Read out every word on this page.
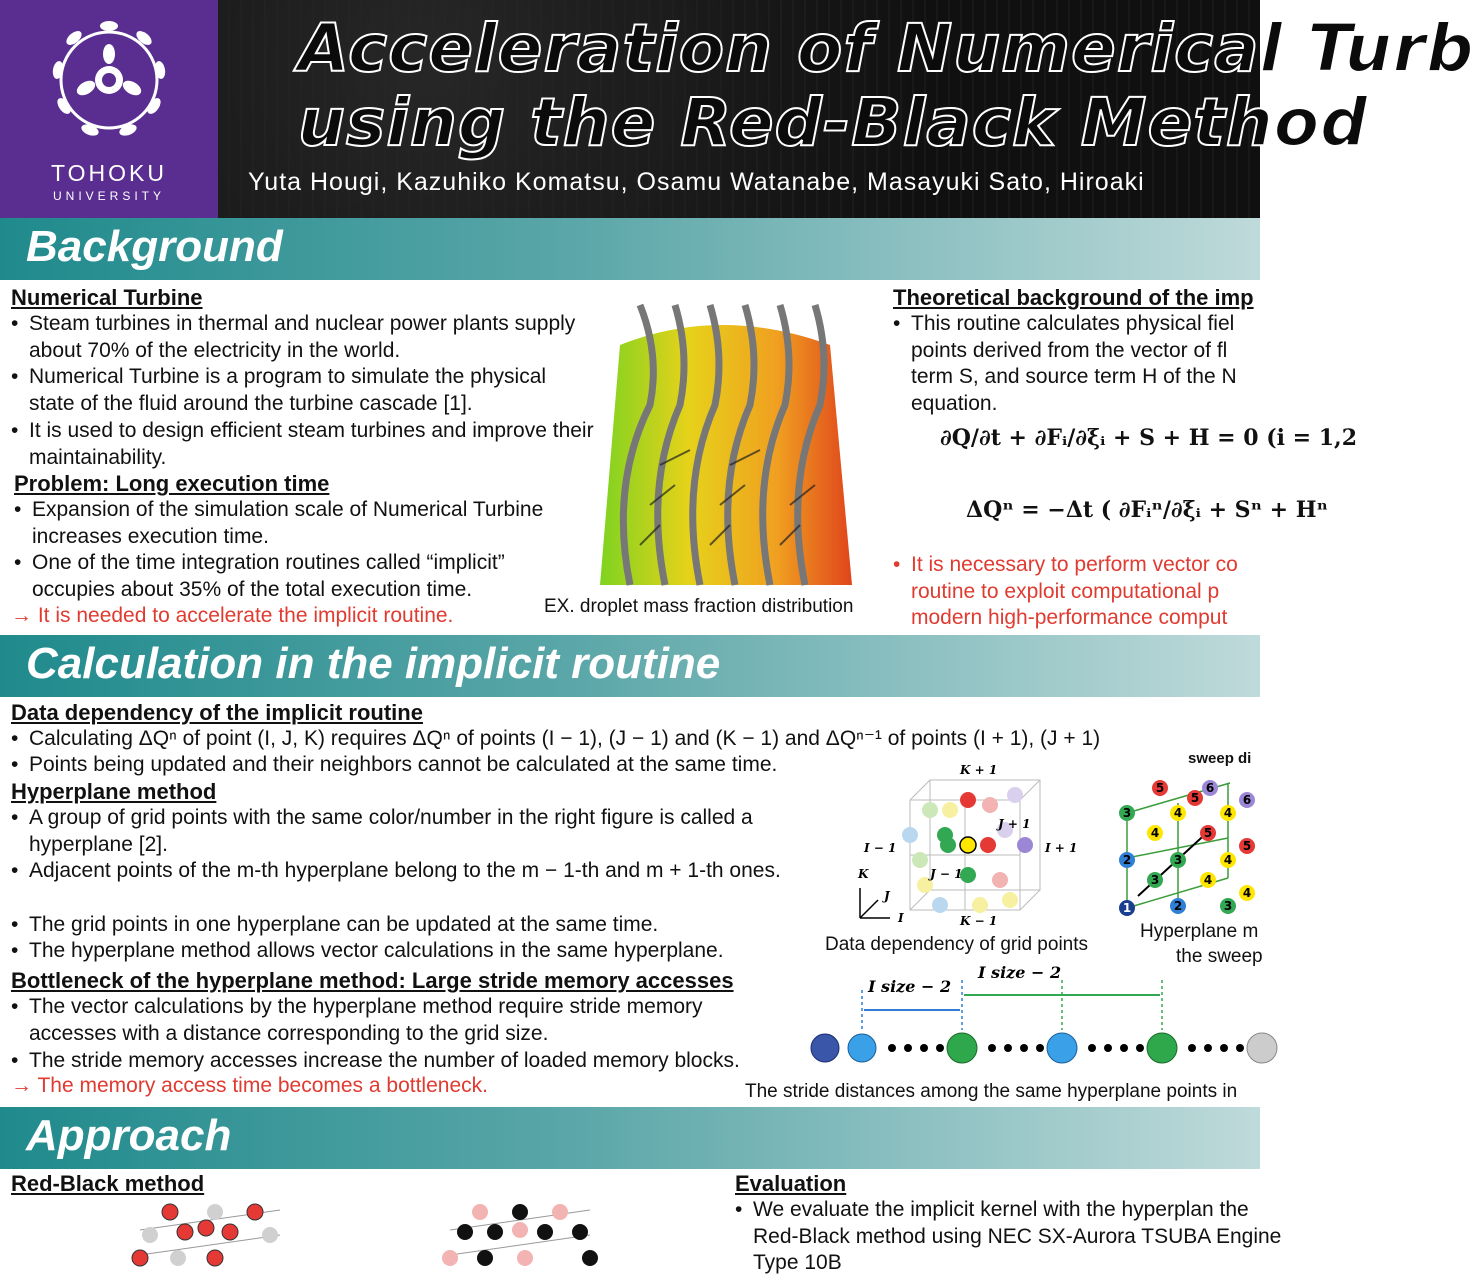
TOHOKU
UNIVERSITY
Acceleration of Numerical Turb
using the Red-Black Method
Yuta Hougi, Kazuhiko Komatsu, Osamu Watanabe, Masayuki Sato, Hiroaki
Background
Numerical Turbine
• Steam turbines in thermal and nuclear power plants supply about 70% of the electricity in the world.
• Numerical Turbine is a program to simulate the physical state of the fluid around the turbine cascade [1].
• It is used to design efficient steam turbines and improve their maintainability.
Problem: Long execution time
• Expansion of the simulation scale of Numerical Turbine increases execution time.
• One of the time integration routines called “implicit” occupies about 35% of the total execution time.
→ It is needed to accelerate the implicit routine.	EX. droplet mass fraction distribution
Theoretical background of the imp
• This routine calculates physical fiel points derived from the vector of fl term S, and source term H of the N equation.
∂Q/∂t + ∂Fᵢ/∂ξᵢ + S + H = 0 (i = 1,2
ΔQⁿ = −Δt ( ∂Fᵢⁿ/∂ξᵢ + Sⁿ + Hⁿ
• It is necessary to perform vector co routine to exploit computational p modern high-performance comput
Calculation in the implicit routine
Data dependency of the implicit routine
• Calculating ΔQⁿ of point (I, J, K) requires ΔQⁿ of points (I − 1), (J − 1) and (K − 1) and ΔQⁿ⁻¹ of points (I + 1), (J + 1)
• Points being updated and their neighbors cannot be calculated at the same time.
Hyperplane method
• A group of grid points with the same color/number in the right figure is called a hyperplane [2].
• Adjacent points of the m-th hyperplane belong to the m − 1-th and m + 1-th ones.
• The grid points in one hyperplane can be updated at the same time.
• The hyperplane method allows vector calculations in the same hyperplane.
Bottleneck of the hyperplane method: Large stride memory accesses
• The vector calculations by the hyperplane method require stride memory accesses with a distance corresponding to the grid size.
• The stride memory accesses increase the number of loaded memory blocks.
→ The memory access time becomes a bottleneck.
K + 1
K − 1
I − 1	I + 1
J + 1
J − 1
K
J
I
Data dependency of grid points
5	6
6
3	4
5
4
4	5
5
2	3	4
3	4
4
1	2	3
sweep di
Hyperplane m
the sweep
I size − 2
I size − 2
The stride distances among the same hyperplane points in
Approach
Red-Black method	Evaluation
• We evaluate the implicit kernel with the hyperplan the Red-Black method using NEC SX-Aurora TSUBA Engine Type 10B
